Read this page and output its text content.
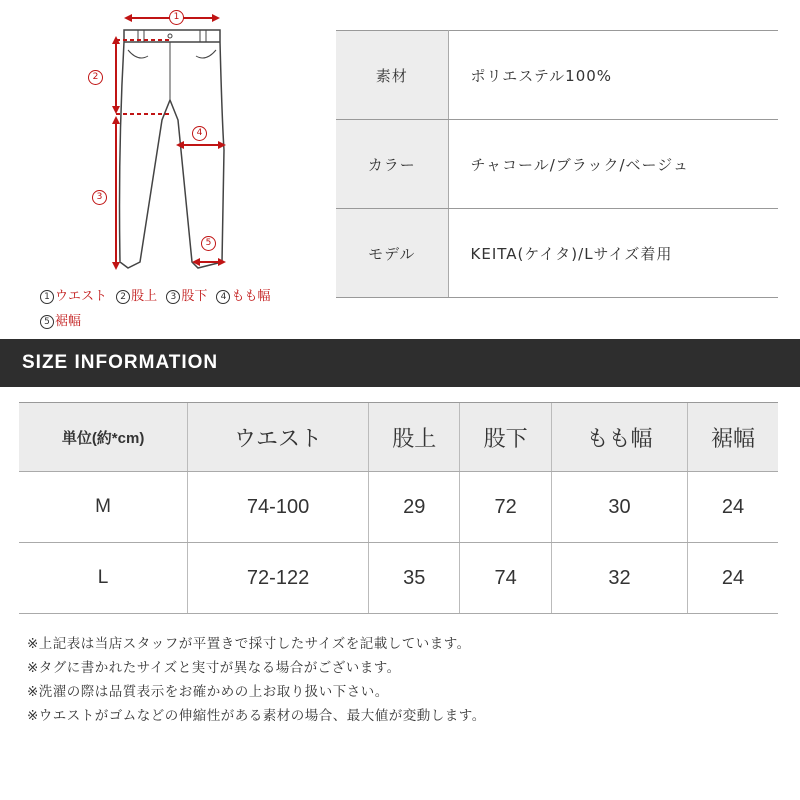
1
2
3
4
5
1 ウエスト 2 股上 3 股下 4 もも幅
5 裾幅
素材	ポリエステル100%
カラー	チャコール/ブラック/ベージュ
モデル	KEITA(ケイタ)/Lサイズ着用
SIZE INFORMATION
単位(約*cm)	ウエスト	股上	股下	もも幅	裾幅
M	74-100	29	72	30	24
L	72-122	35	74	32	24
※上記表は当店スタッフが平置きで採寸したサイズを記載しています。
※タグに書かれたサイズと実寸が異なる場合がございます。
※洗濯の際は品質表示をお確かめの上お取り扱い下さい。
※ウエストがゴムなどの伸縮性がある素材の場合、最大値が変動します。
